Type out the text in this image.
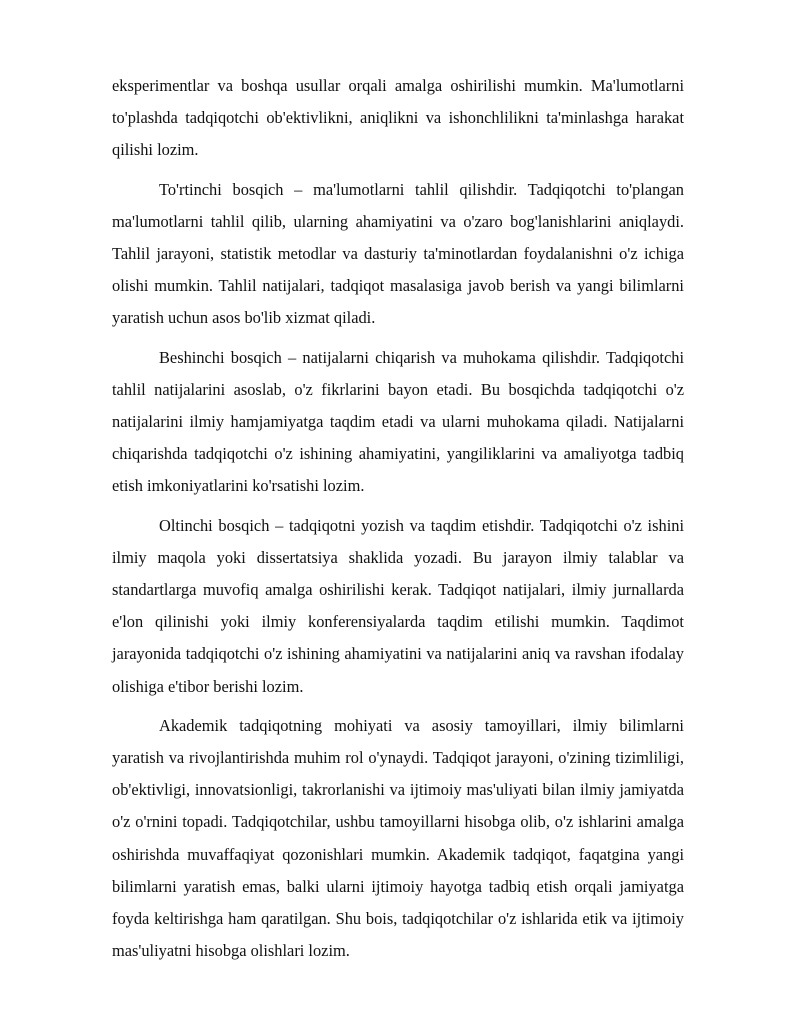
eksperimentlar va boshqa usullar orqali amalga oshirilishi mumkin. Ma'lumotlarni to'plashda tadqiqotchi ob'ektivlikni, aniqlikni va ishonchlilikni ta'minlashga harakat qilishi lozim.

To'rtinchi bosqich – ma'lumotlarni tahlil qilishdir. Tadqiqotchi to'plangan ma'lumotlarni tahlil qilib, ularning ahamiyatini va o'zaro bog'lanishlarini aniqlaydi. Tahlil jarayoni, statistik metodlar va dasturiy ta'minotlardan foydalanishni o'z ichiga olishi mumkin. Tahlil natijalari, tadqiqot masalasiga javob berish va yangi bilimlarni yaratish uchun asos bo'lib xizmat qiladi.

Beshinchi bosqich – natijalarni chiqarish va muhokama qilishdir. Tadqiqotchi tahlil natijalarini asoslab, o'z fikrlarini bayon etadi. Bu bosqichda tadqiqotchi o'z natijalarini ilmiy hamjamiyatga taqdim etadi va ularni muhokama qiladi. Natijalarni chiqarishda tadqiqotchi o'z ishining ahamiyatini, yangiliklarini va amaliyotga tadbiq etish imkoniyatlarini ko'rsatishi lozim.

Oltinchi bosqich – tadqiqotni yozish va taqdim etishdir. Tadqiqotchi o'z ishini ilmiy maqola yoki dissertatsiya shaklida yozadi. Bu jarayon ilmiy talablar va standartlarga muvofiq amalga oshirilishi kerak. Tadqiqot natijalari, ilmiy jurnallarda e'lon qilinishi yoki ilmiy konferensiyalarda taqdim etilishi mumkin. Taqdimot jarayonida tadqiqotchi o'z ishining ahamiyatini va natijalarini aniq va ravshan ifodalay olishiga e'tibor berishi lozim.

Akademik tadqiqotning mohiyati va asosiy tamoyillari, ilmiy bilimlarni yaratish va rivojlantirishda muhim rol o'ynaydi. Tadqiqot jarayoni, o'zining tizimliligi, ob'ektivligi, innovatsionligi, takrorlanishi va ijtimoiy mas'uliyati bilan ilmiy jamiyatda o'z o'rnini topadi. Tadqiqotchilar, ushbu tamoyillarni hisobga olib, o'z ishlarini amalga oshirishda muvaffaqiyat qozonishlari mumkin. Akademik tadqiqot, faqatgina yangi bilimlarni yaratish emas, balki ularni ijtimoiy hayotga tadbiq etish orqali jamiyatga foyda keltirishga ham qaratilgan. Shu bois, tadqiqotchilar o'z ishlarida etik va ijtimoiy mas'uliyatni hisobga olishlari lozim.
